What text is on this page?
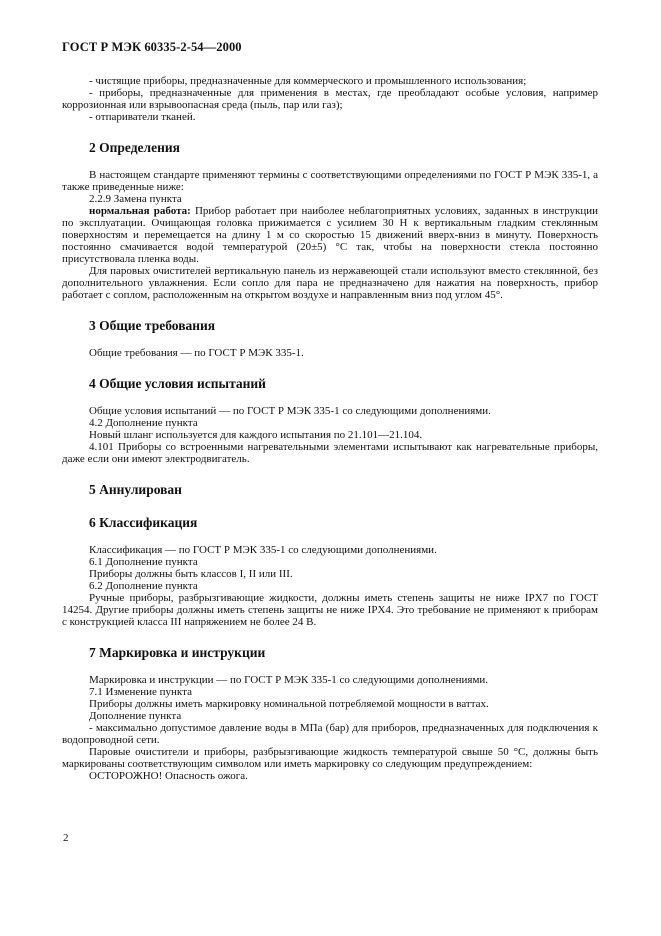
ГОСТ Р МЭК 60335-2-54—2000

- чистящие приборы, предназначенные для коммерческого и промышленного использования;

- приборы, предназначенные для применения в местах, где преобладают особые условия, например коррозионная или взрывоопасная среда (пыль, пар или газ);

- отпариватели тканей.

2 Определения

В настоящем стандарте применяют термины с соответствующими определениями по ГОСТ Р МЭК 335-1, а также приведенные ниже:

2.2.9 Замена пункта

нормальная работа: Прибор работает при наиболее неблагоприятных условиях, заданных в инструкции по эксплуатации. Очищающая головка прижимается с усилием 30 Н к вертикальным гладким стеклянным поверхностям и перемещается на длину 1 м со скоростью 15 движений вверх-вниз в минуту. Поверхность постоянно смачивается водой температурой (20±5) °С так, чтобы на поверхности стекла постоянно присутствовала пленка воды.

Для паровых очистителей вертикальную панель из нержавеющей стали используют вместо стеклянной, без дополнительного увлажнения. Если сопло для пара не предназначено для нажатия на поверхность, прибор работает с соплом, расположенным на открытом воздухе и направленным вниз под углом 45°.

3 Общие требования

Общие требования — по ГОСТ Р МЭК 335-1.

4 Общие условия испытаний

Общие условия испытаний — по ГОСТ Р МЭК 335-1 со следующими дополнениями.

4.2 Дополнение пункта

Новый шланг используется для каждого испытания по 21.101—21.104.

4.101 Приборы со встроенными нагревательными элементами испытывают как нагревательные приборы, даже если они имеют электродвигатель.

5 Аннулирован
6 Классификация

Классификация — по ГОСТ Р МЭК 335-1 со следующими дополнениями.

6.1 Дополнение пункта

Приборы должны быть классов I, II или III.

6.2 Дополнение пункта

Ручные приборы, разбрызгивающие жидкости, должны иметь степень защиты не ниже IPX7 по ГОСТ 14254. Другие приборы должны иметь степень защиты не ниже IPX4. Это требование не применяют к приборам с конструкцией класса III напряжением не более 24 В.

7 Маркировка и инструкции

Маркировка и инструкции — по ГОСТ Р МЭК 335-1 со следующими дополнениями.

7.1 Изменение пункта

Приборы должны иметь маркировку номинальной потребляемой мощности в ваттах.

Дополнение пункта

- максимально допустимое давление воды в МПа (бар) для приборов, предназначенных для подключения к водопроводной сети.

Паровые очистители и приборы, разбрызгивающие жидкость температурой свыше 50 °С, должны быть маркированы соответствующим символом или иметь маркировку со следующим предупреждением:

ОСТОРОЖНО! Опасность ожога.

2
